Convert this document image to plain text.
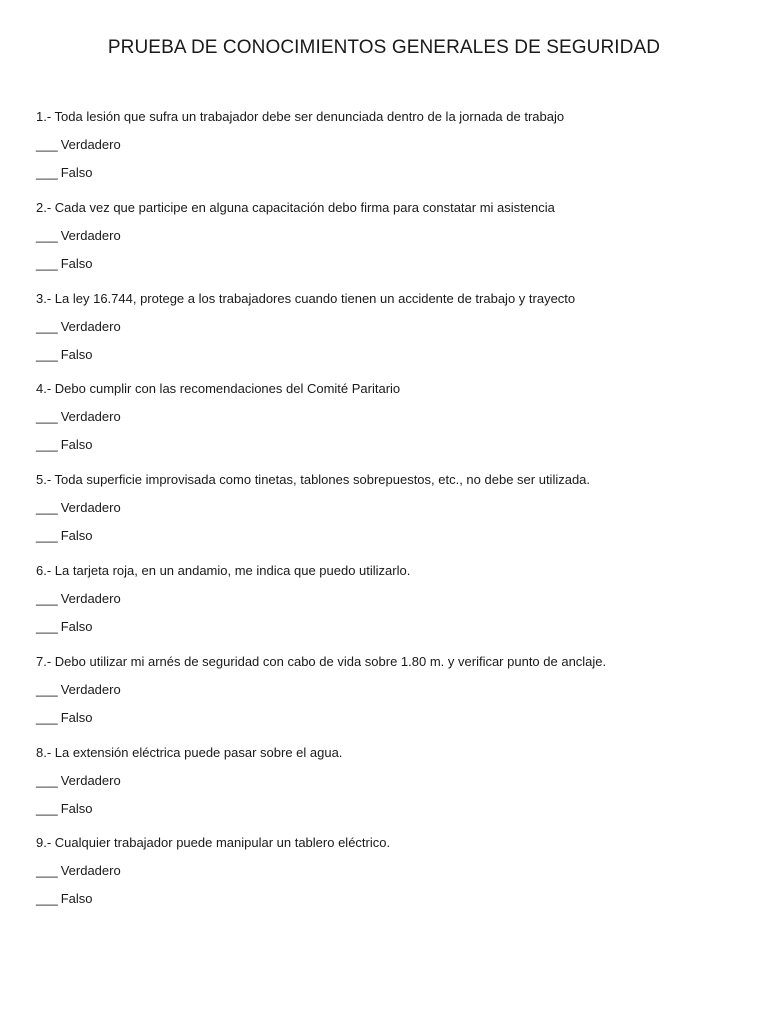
PRUEBA DE CONOCIMIENTOS GENERALES DE SEGURIDAD
1.- Toda lesión que sufra un trabajador debe ser denunciada dentro de la jornada de trabajo
___ Verdadero
___ Falso
2.- Cada vez que participe en alguna capacitación debo firma para constatar mi asistencia
___ Verdadero
___ Falso
3.- La ley 16.744, protege a los trabajadores cuando tienen un accidente de trabajo y trayecto
___ Verdadero
___ Falso
4.- Debo cumplir con las recomendaciones del Comité Paritario
___ Verdadero
___ Falso
5.- Toda superficie improvisada como tinetas, tablones sobrepuestos, etc., no debe ser utilizada.
___ Verdadero
___ Falso
6.- La tarjeta roja, en un andamio, me indica que puedo utilizarlo.
___ Verdadero
___ Falso
7.- Debo utilizar mi arnés de seguridad con cabo de vida sobre 1.80 m. y verificar punto de anclaje.
___ Verdadero
___ Falso
8.- La extensión eléctrica puede pasar sobre el agua.
___ Verdadero
___ Falso
9.- Cualquier trabajador puede manipular un tablero eléctrico.
___ Verdadero
___ Falso
